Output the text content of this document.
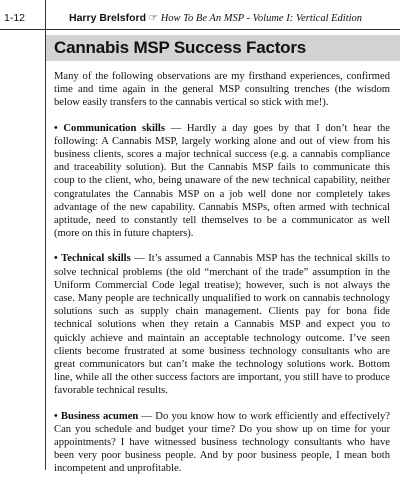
1-12	Harry Brelsford ☞ How To Be An MSP - Volume I: Vertical Edition
Cannabis MSP Success Factors

Many of the following observations are my firsthand experiences, confirmed time and time again in the general MSP consulting trenches (the wisdom below easily transfers to the cannabis vertical so stick with me!).

• Communication skills — Hardly a day goes by that I don’t hear the following: A Cannabis MSP, largely working alone and out of view from his business clients, scores a major technical success (e.g. a cannabis compliance and traceability solution). But the Cannabis MSP fails to communicate this coup to the client, who, being unaware of the new technical capability, neither congratulates the Cannabis MSP on a job well done nor completely takes advantage of the new capability. Cannabis MSPs, often armed with technical aptitude, need to constantly tell themselves to be a communicator as well (more on this in future chapters).

• Technical skills — It’s assumed a Cannabis MSP has the technical skills to solve technical problems (the old “merchant of the trade” assumption in the Uniform Commercial Code legal treatise); however, such is not always the case. Many people are technically unqualified to work on cannabis technology solutions such as supply chain management. Clients pay for bona fide technical solutions when they retain a Cannabis MSP and expect you to quickly achieve and maintain an acceptable technology outcome. I’ve seen clients become frustrated at some business technology consultants who are great communicators but can’t make the technology solutions work. Bottom line, while all the other success factors are important, you still have to produce favorable technical results.

• Business acumen — Do you know how to work efficiently and effectively? Can you schedule and budget your time? Do you show up on time for your appointments? I have witnessed business technology consultants who have been very poor business people. And by poor business people, I mean both incompetent and unprofitable.
